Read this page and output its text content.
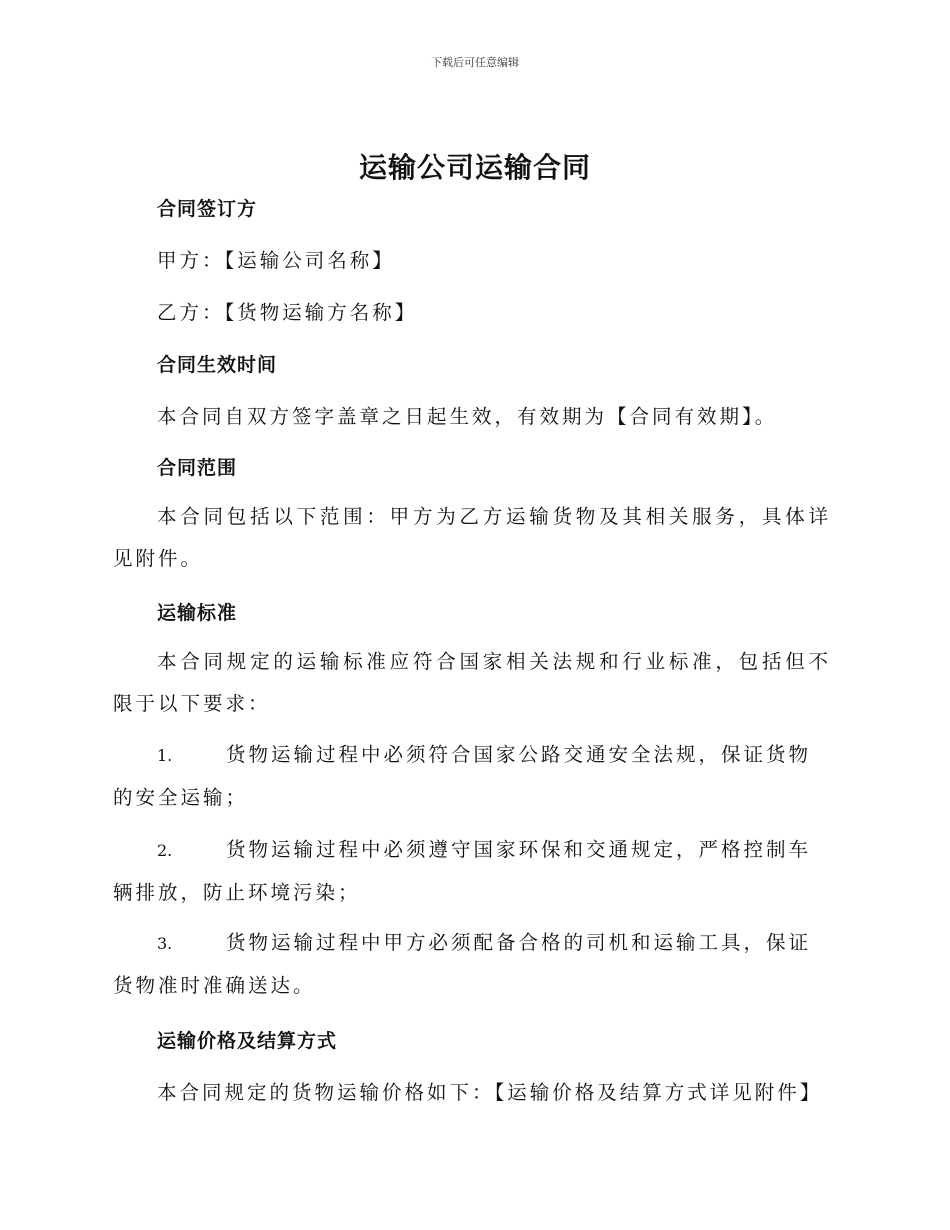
下载后可任意编辑
运输公司运输合同
合同签订方
甲方：【运输公司名称】
乙方：【货物运输方名称】
合同生效时间
本合同自双方签字盖章之日起生效，有效期为【合同有效期】。
合同范围
本合同包括以下范围：甲方为乙方运输货物及其相关服务，具体详见附件。
运输标准
本合同规定的运输标准应符合国家相关法规和行业标准，包括但不限于以下要求：
1.	货物运输过程中必须符合国家公路交通安全法规，保证货物的安全运输；
2.	货物运输过程中必须遵守国家环保和交通规定，严格控制车辆排放，防止环境污染；
3.	货物运输过程中甲方必须配备合格的司机和运输工具，保证货物准时准确送达。
运输价格及结算方式
本合同规定的货物运输价格如下：【运输价格及结算方式详见附件】
